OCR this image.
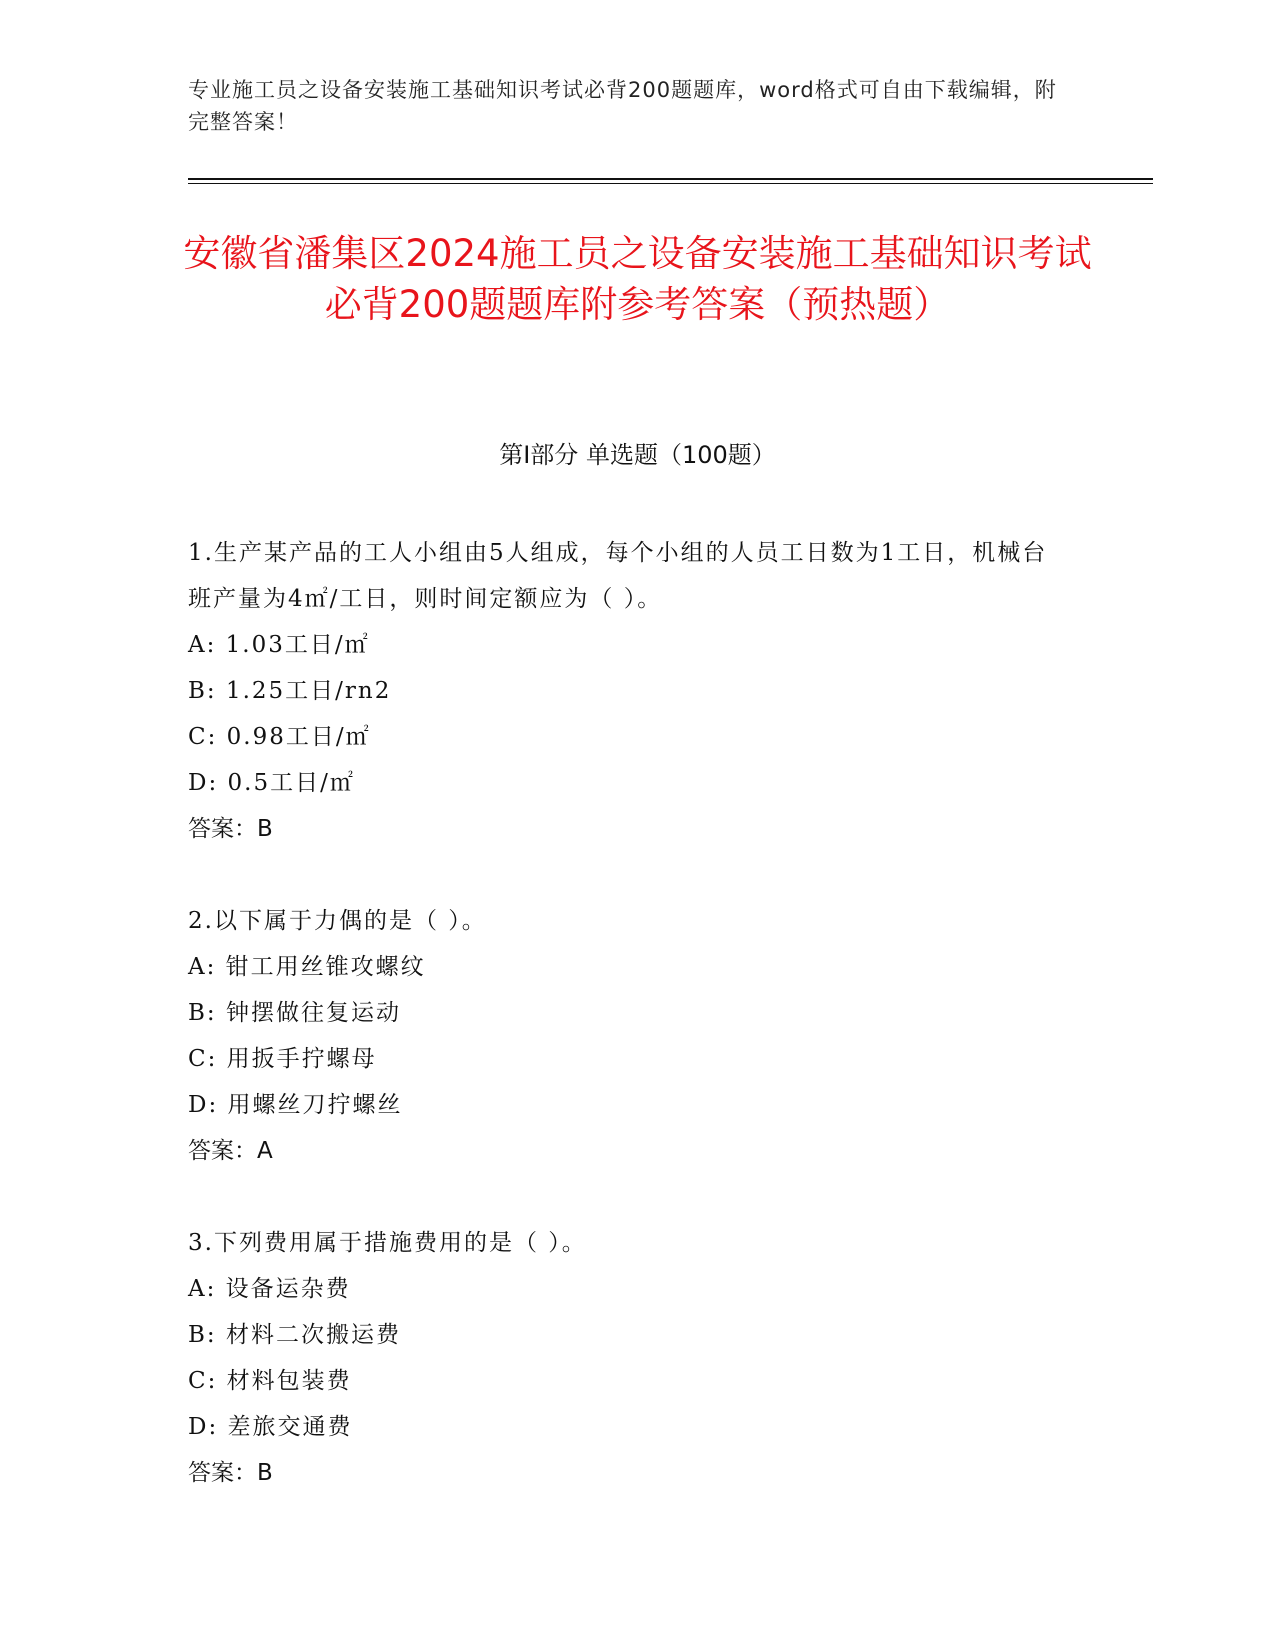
专业施工员之设备安装施工基础知识考试必背200题题库，word格式可自由下载编辑，附完整答案！
安徽省潘集区2024施工员之设备安装施工基础知识考试必背200题题库附参考答案（预热题）
第Ⅰ部分 单选题（100题）
1.生产某产品的工人小组由5人组成，每个小组的人员工日数为1工日，机械台班产量为4㎡/工日，则时间定额应为（ ）。
A: 1.03工日/㎡
B: 1.25工日/rn2
C: 0.98工日/㎡
D: 0.5工日/㎡
答案：B
2.以下属于力偶的是（ ）。
A: 钳工用丝锥攻螺纹
B: 钟摆做往复运动
C: 用扳手拧螺母
D: 用螺丝刀拧螺丝
答案：A
3.下列费用属于措施费用的是（ ）。
A: 设备运杂费
B: 材料二次搬运费
C: 材料包装费
D: 差旅交通费
答案：B
